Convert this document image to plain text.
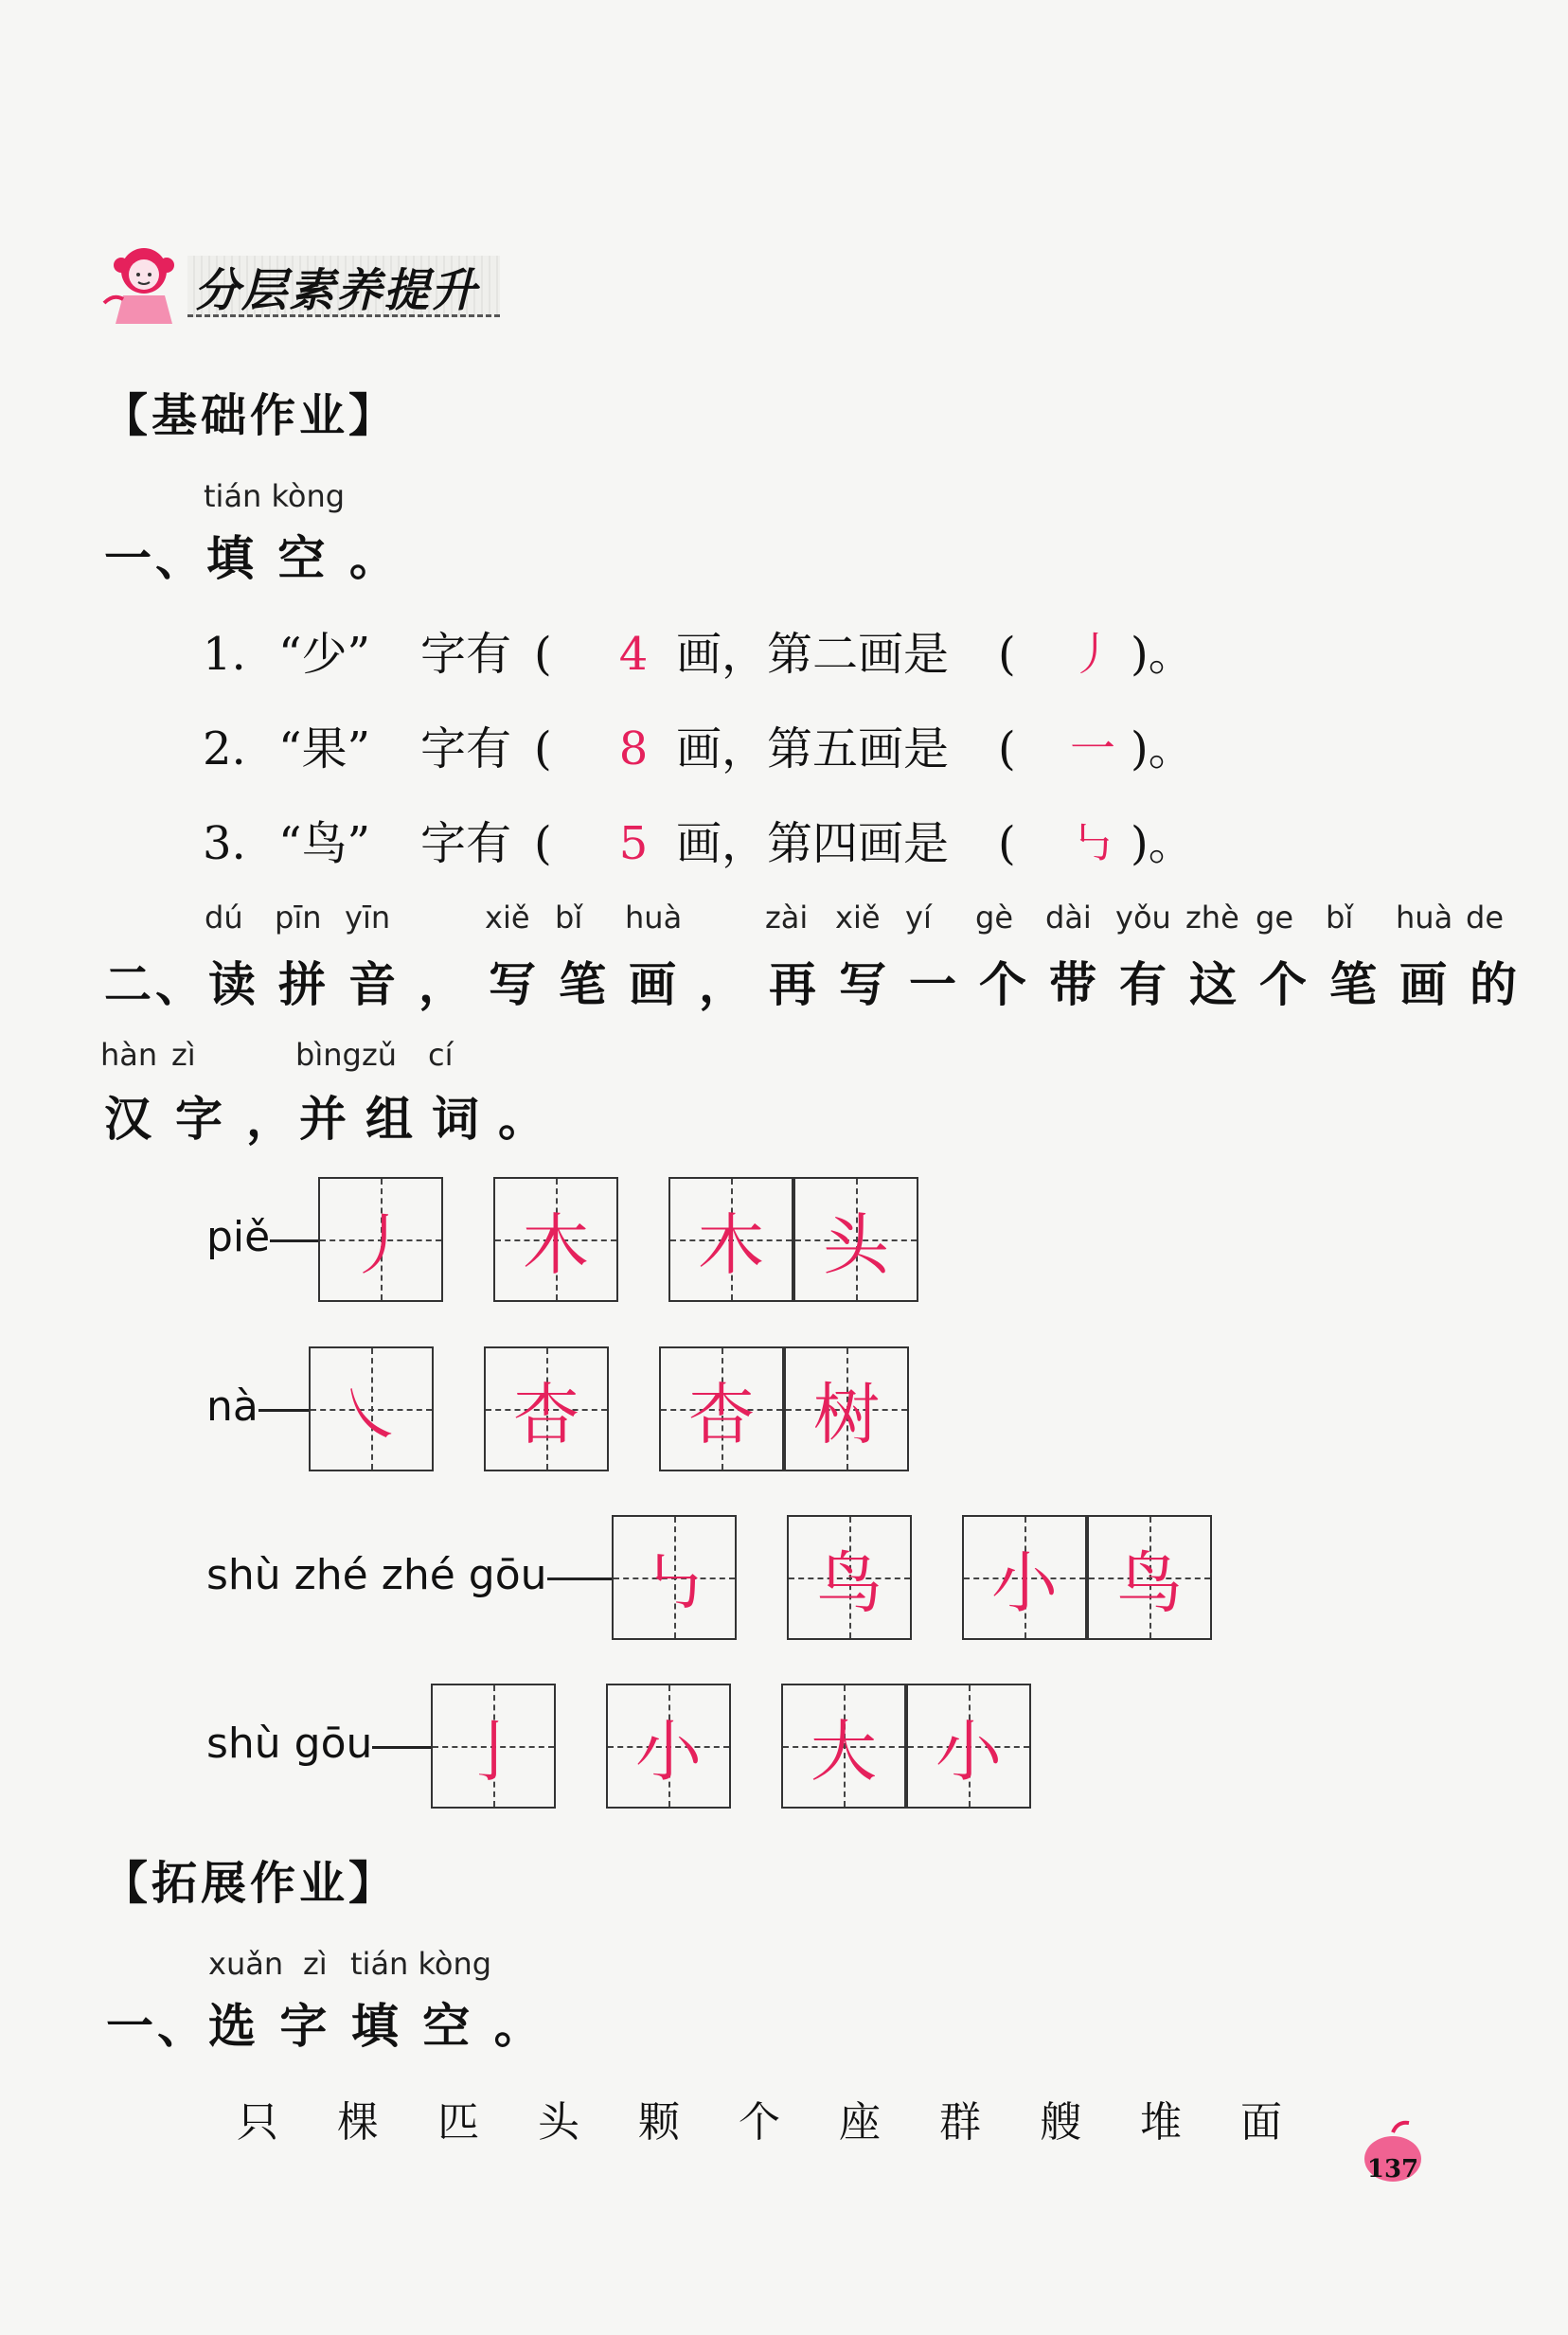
分层素养提升
【基础作业】
tián kòng
一、填 空 。
1. “少” 字有 ( 4 画，第二画是 ( 丿 )。
2. “果” 字有 ( 8 画，第五画是 ( 一 )。
3. “鸟” 字有 ( 5 画，第四画是 ( ㇉ )。
dú pīn yīn	xiě bǐ huà	zài xiě yí gè dài yǒu zhè ge bǐ huà de
二、 读 拼 音 ， 写 笔 画 ， 再 写 一 个 带 有 这 个 笔 画 的
hàn zì	bìng zǔ cí
汉 字 ， 并 组 词 。
piě	丿	木	木 头
nà	㇏	杏	杏 树
shù zhé zhé gōu	㇉	鸟	小 鸟
shù gōu	亅	小	大 小
【拓展作业】
xuǎn zì tián kòng
一、选 字 填 空 。
只 棵 匹 头 颗 个 座 群 艘 堆 面
137
